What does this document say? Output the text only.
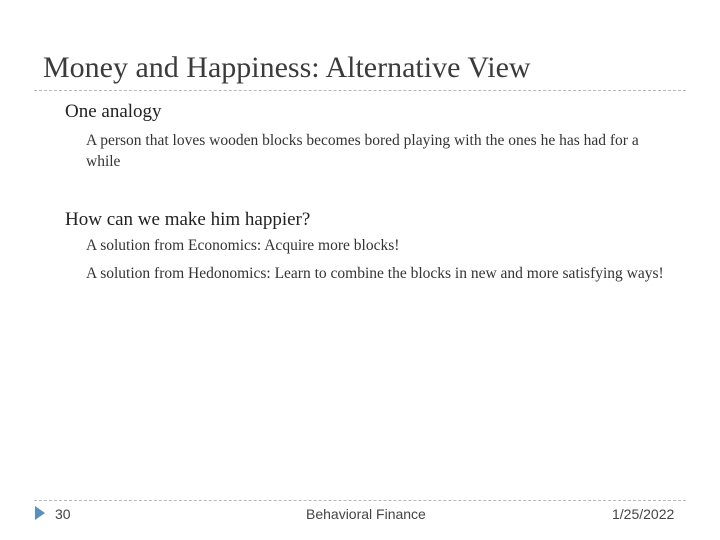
Money and Happiness: Alternative View
One analogy
A person that loves wooden blocks becomes bored playing with the ones he has had for a while
How can we make him happier?
A solution from Economics: Acquire more blocks!
A solution from Hedonomics: Learn to combine the blocks in new and more satisfying ways!
30	Behavioral Finance	1/25/2022
